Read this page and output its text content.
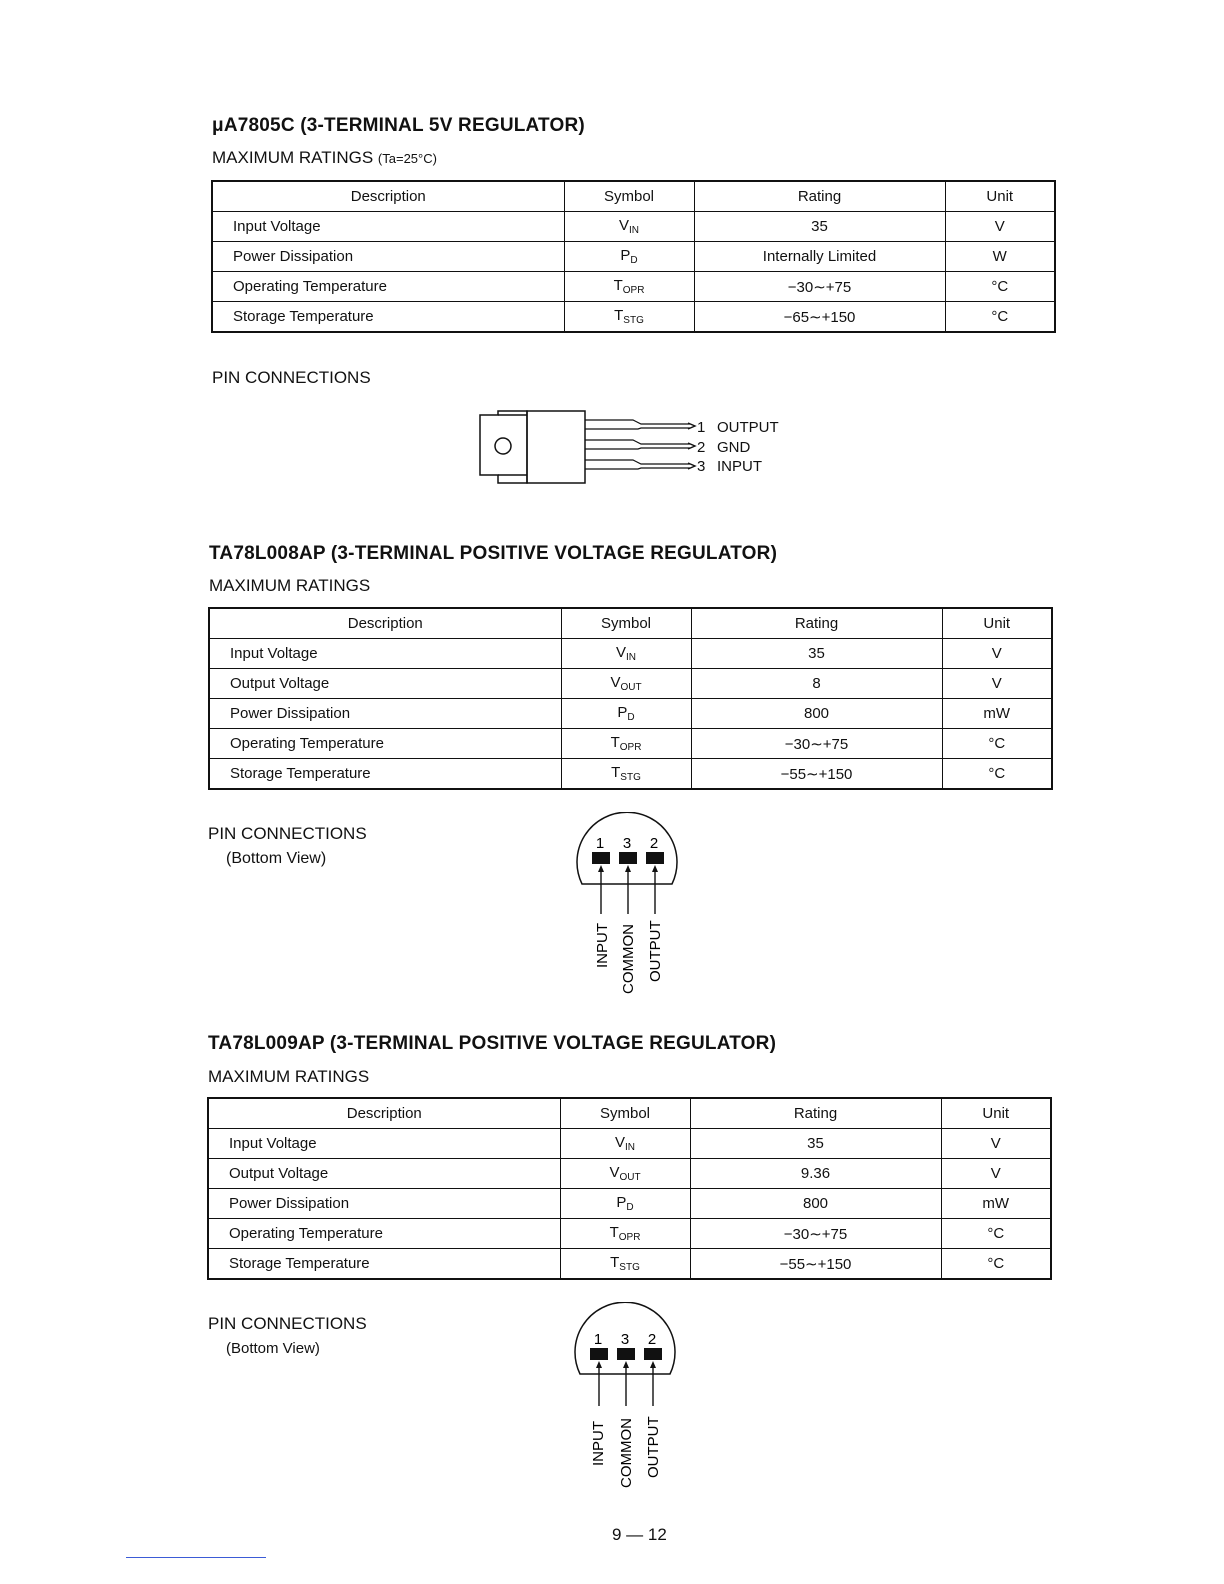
μA7805C (3-TERMINAL 5V REGULATOR)
MAXIMUM RATINGS (Ta=25°C)
Description	Symbol	Rating	Unit
Input Voltage	$V_{IN}$	35	V
Power Dissipation	$P_D$	Internally Limited	W
Operating Temperature	$T_{OPR}$	−30∼+75	°C
Storage Temperature	$T_{STG}$	−65∼+150	°C
PIN CONNECTIONS
1 OUTPUT
2 GND
3 INPUT
TA78L008AP (3-TERMINAL POSITIVE VOLTAGE REGULATOR)
MAXIMUM RATINGS
Description	Symbol	Rating	Unit
Input Voltage	$V_{IN}$	35	V
Output Voltage	$V_{OUT}$	8	V
Power Dissipation	$P_D$	800	mW
Operating Temperature	$T_{OPR}$	−30∼+75	°C
Storage Temperature	$T_{STG}$	−55∼+150	°C
PIN CONNECTIONS
(Bottom View)
1 3 2
INPUT COMMON OUTPUT
TA78L009AP (3-TERMINAL POSITIVE VOLTAGE REGULATOR)
MAXIMUM RATINGS
Description	Symbol	Rating	Unit
Input Voltage	$V_{IN}$	35	V
Output Voltage	$V_{OUT}$	9.36	V
Power Dissipation	$P_D$	800	mW
Operating Temperature	$T_{OPR}$	−30∼+75	°C
Storage Temperature	$T_{STG}$	−55∼+150	°C
PIN CONNECTIONS
(Bottom View)
1 3 2
INPUT COMMON OUTPUT
9 — 12
